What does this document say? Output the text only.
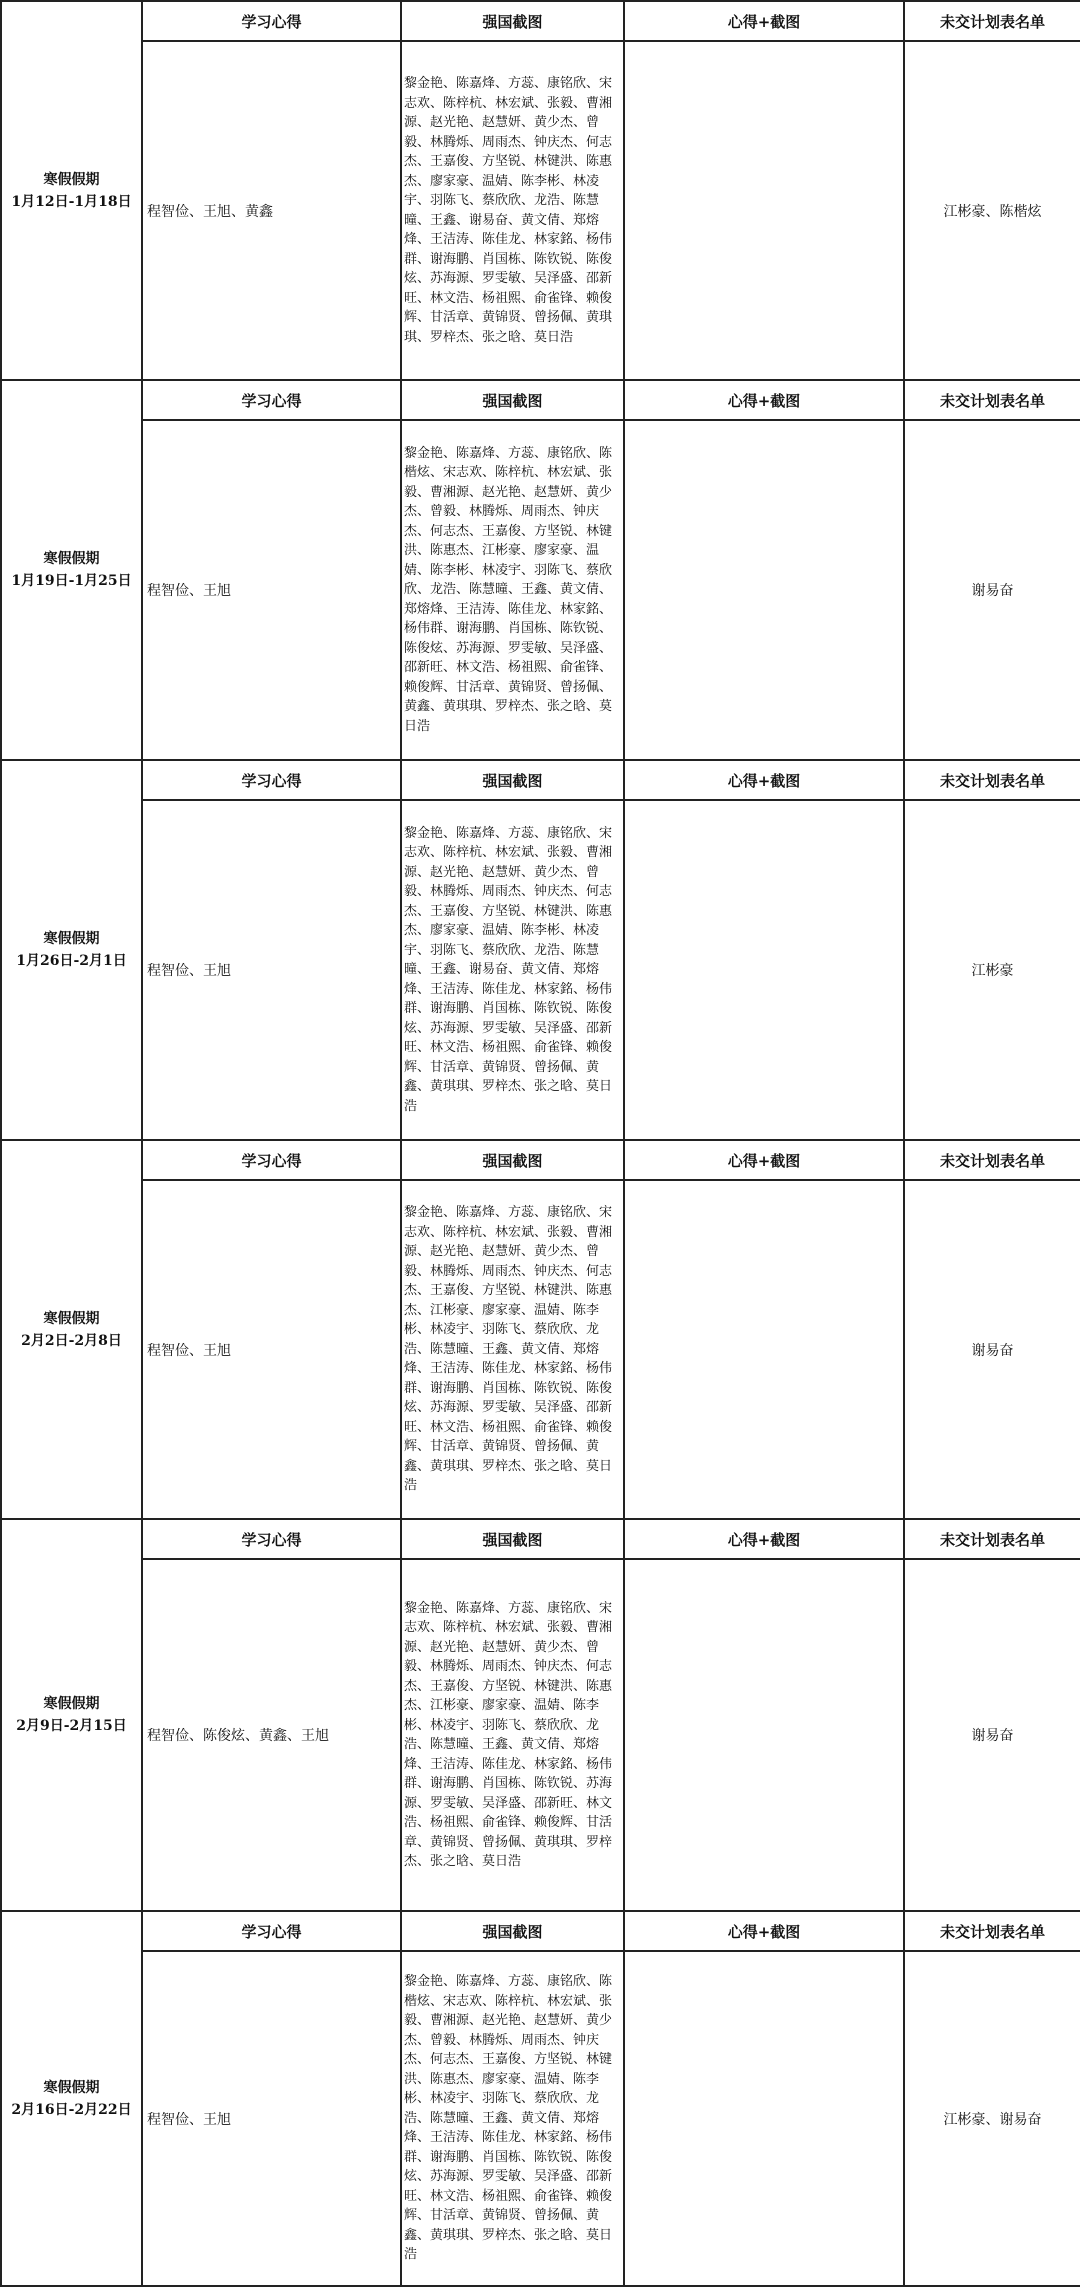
寒假假期
1月12日-1月18日	学习心得	强国截图	心得+截图	未交计划表名单
	程智俭、王旭、黄鑫	黎金艳、陈嘉烽、方蕊、康铭欣、宋志欢、陈梓杭、林宏斌、张毅、曹湘源、赵光艳、赵慧妍、黄少杰、曾毅、林腾烁、周雨杰、钟庆杰、何志杰、王嘉俊、方坚锐、林键洪、陈惠杰、廖家豪、温婧、陈李彬、林凌宇、羽陈飞、蔡欣欣、龙浩、陈慧曈、王鑫、谢易奋、黄文倩、郑熔烽、王洁涛、陈佳龙、林家銘、杨伟群、谢海鹏、肖国栋、陈钦锐、陈俊炫、苏海源、罗雯敏、吴泽盛、邵新旺、林文浩、杨祖熙、俞雀锋、赖俊辉、甘活章、黄锦贤、曾扬佩、黄琪琪、罗梓杰、张之晗、莫日浩		江彬豪、陈楷炫

寒假假期
1月19日-1月25日	学习心得	强国截图	心得+截图	未交计划表名单
	程智俭、王旭	黎金艳、陈嘉烽、方蕊、康铭欣、陈楷炫、宋志欢、陈梓杭、林宏斌、张毅、曹湘源、赵光艳、赵慧妍、黄少杰、曾毅、林腾烁、周雨杰、钟庆杰、何志杰、王嘉俊、方坚锐、林键洪、陈惠杰、江彬豪、廖家豪、温婧、陈李彬、林凌宇、羽陈飞、蔡欣欣、龙浩、陈慧曈、王鑫、黄文倩、郑熔烽、王洁涛、陈佳龙、林家銘、杨伟群、谢海鹏、肖国栋、陈钦锐、陈俊炫、苏海源、罗雯敏、吴泽盛、邵新旺、林文浩、杨祖熙、俞雀锋、赖俊辉、甘活章、黄锦贤、曾扬佩、黄鑫、黄琪琪、罗梓杰、张之晗、莫日浩		谢易奋

寒假假期
1月26日-2月1日	学习心得	强国截图	心得+截图	未交计划表名单
	程智俭、王旭	黎金艳、陈嘉烽、方蕊、康铭欣、宋志欢、陈梓杭、林宏斌、张毅、曹湘源、赵光艳、赵慧妍、黄少杰、曾毅、林腾烁、周雨杰、钟庆杰、何志杰、王嘉俊、方坚锐、林键洪、陈惠杰、廖家豪、温婧、陈李彬、林凌宇、羽陈飞、蔡欣欣、龙浩、陈慧曈、王鑫、谢易奋、黄文倩、郑熔烽、王洁涛、陈佳龙、林家銘、杨伟群、谢海鹏、肖国栋、陈钦锐、陈俊炫、苏海源、罗雯敏、吴泽盛、邵新旺、林文浩、杨祖熙、俞雀锋、赖俊辉、甘活章、黄锦贤、曾扬佩、黄鑫、黄琪琪、罗梓杰、张之晗、莫日浩		江彬豪

寒假假期
2月2日-2月8日	学习心得	强国截图	心得+截图	未交计划表名单
	程智俭、王旭	黎金艳、陈嘉烽、方蕊、康铭欣、宋志欢、陈梓杭、林宏斌、张毅、曹湘源、赵光艳、赵慧妍、黄少杰、曾毅、林腾烁、周雨杰、钟庆杰、何志杰、王嘉俊、方坚锐、林键洪、陈惠杰、江彬豪、廖家豪、温婧、陈李彬、林凌宇、羽陈飞、蔡欣欣、龙浩、陈慧曈、王鑫、黄文倩、郑熔烽、王洁涛、陈佳龙、林家銘、杨伟群、谢海鹏、肖国栋、陈钦锐、陈俊炫、苏海源、罗雯敏、吴泽盛、邵新旺、林文浩、杨祖熙、俞雀锋、赖俊辉、甘活章、黄锦贤、曾扬佩、黄鑫、黄琪琪、罗梓杰、张之晗、莫日浩		谢易奋

寒假假期
2月9日-2月15日	学习心得	强国截图	心得+截图	未交计划表名单
	程智俭、陈俊炫、黄鑫、王旭	黎金艳、陈嘉烽、方蕊、康铭欣、宋志欢、陈梓杭、林宏斌、张毅、曹湘源、赵光艳、赵慧妍、黄少杰、曾毅、林腾烁、周雨杰、钟庆杰、何志杰、王嘉俊、方坚锐、林键洪、陈惠杰、江彬豪、廖家豪、温婧、陈李彬、林凌宇、羽陈飞、蔡欣欣、龙浩、陈慧曈、王鑫、黄文倩、郑熔烽、王洁涛、陈佳龙、林家銘、杨伟群、谢海鹏、肖国栋、陈钦锐、苏海源、罗雯敏、吴泽盛、邵新旺、林文浩、杨祖熙、俞雀锋、赖俊辉、甘活章、黄锦贤、曾扬佩、黄琪琪、罗梓杰、张之晗、莫日浩		谢易奋

寒假假期
2月16日-2月22日	学习心得	强国截图	心得+截图	未交计划表名单
	程智俭、王旭	黎金艳、陈嘉烽、方蕊、康铭欣、陈楷炫、宋志欢、陈梓杭、林宏斌、张毅、曹湘源、赵光艳、赵慧妍、黄少杰、曾毅、林腾烁、周雨杰、钟庆杰、何志杰、王嘉俊、方坚锐、林键洪、陈惠杰、廖家豪、温婧、陈李彬、林凌宇、羽陈飞、蔡欣欣、龙浩、陈慧曈、王鑫、黄文倩、郑熔烽、王洁涛、陈佳龙、林家銘、杨伟群、谢海鹏、肖国栋、陈钦锐、陈俊炫、苏海源、罗雯敏、吴泽盛、邵新旺、林文浩、杨祖熙、俞雀锋、赖俊辉、甘活章、黄锦贤、曾扬佩、黄鑫、黄琪琪、罗梓杰、张之晗、莫日浩		江彬豪、谢易奋
